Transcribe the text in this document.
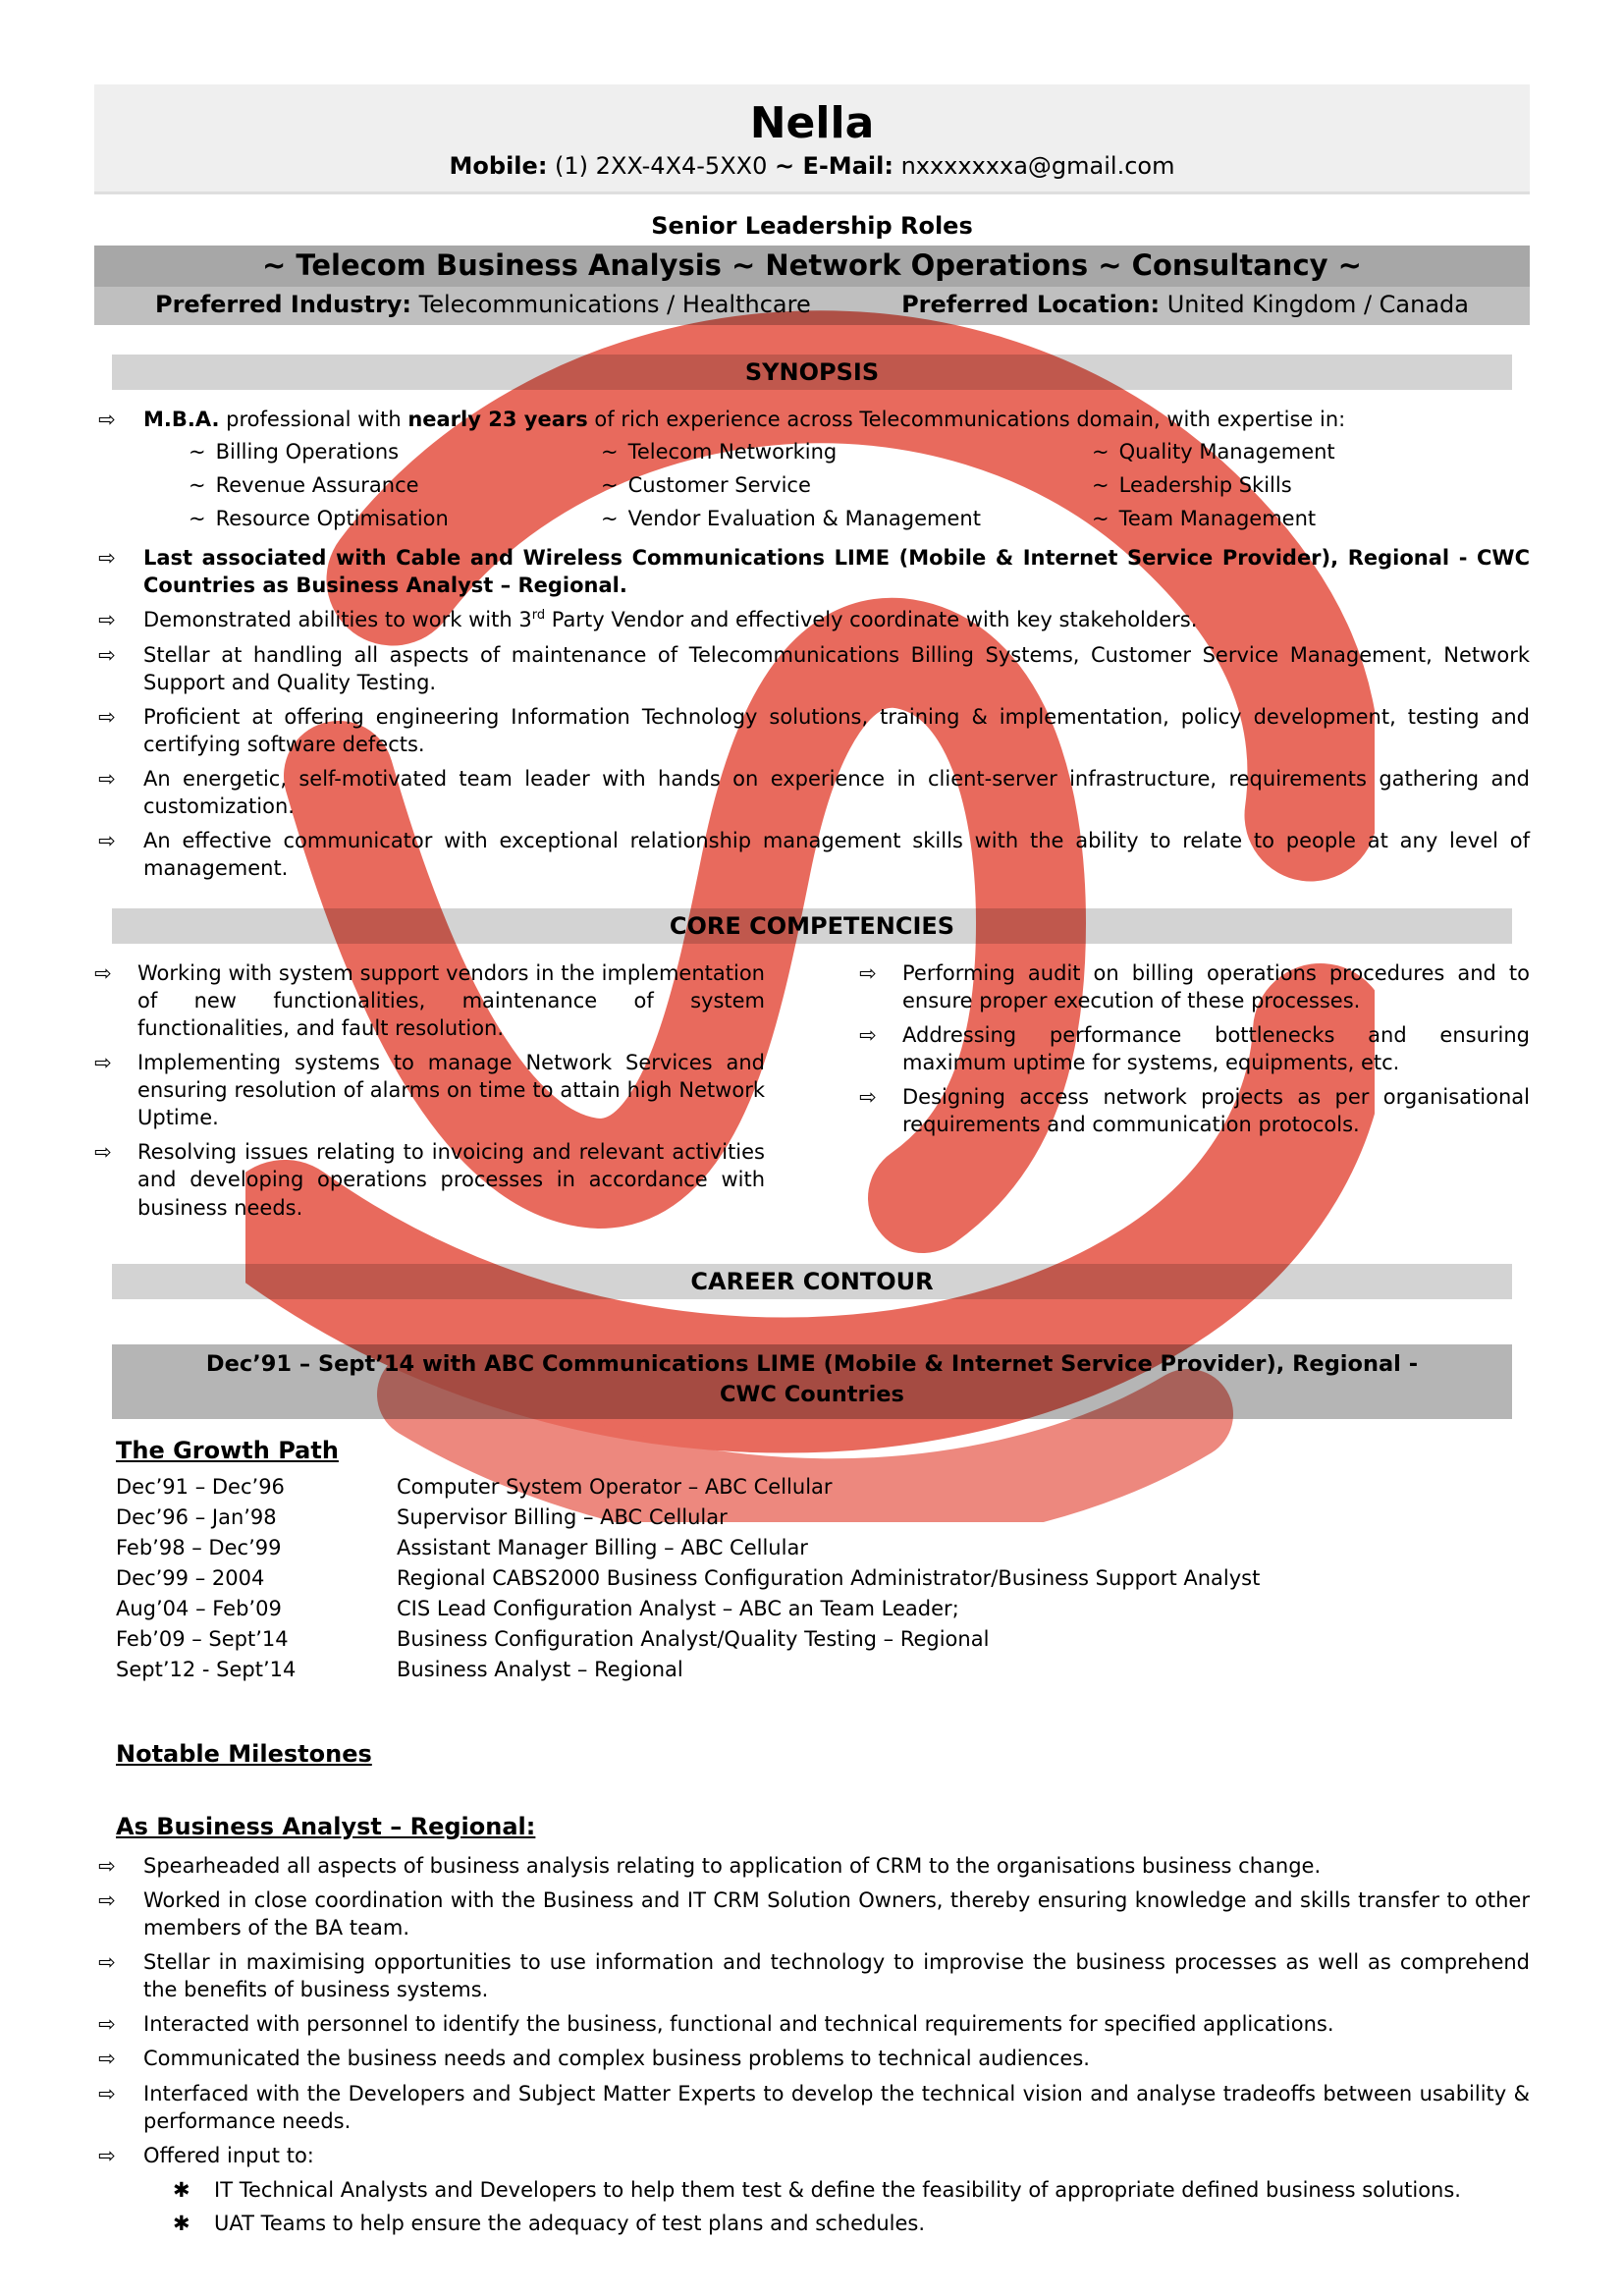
Nella
Mobile: (1) 2XX-4X4-5XX0 ~ E-Mail: nxxxxxxxa@gmail.com
Senior Leadership Roles
~ Telecom Business Analysis ~ Network Operations ~ Consultancy ~
Preferred Industry: Telecommunications / Healthcare	Preferred Location: United Kingdom / Canada
SYNOPSIS
⇨	M.B.A. professional with nearly 23 years of rich experience across Telecommunications domain, with expertise in:
~ Billing Operations	~ Telecom Networking	~ Quality Management
~ Revenue Assurance	~ Customer Service	~ Leadership Skills
~ Resource Optimisation	~ Vendor Evaluation & Management	~ Team Management
⇨	Last associated with Cable and Wireless Communications LIME (Mobile & Internet Service Provider), Regional - CWC Countries as Business Analyst – Regional.
⇨	Demonstrated abilities to work with 3rd Party Vendor and effectively coordinate with key stakeholders.
⇨	Stellar at handling all aspects of maintenance of Telecommunications Billing Systems, Customer Service Management, Network Support and Quality Testing.
⇨	Proficient at offering engineering Information Technology solutions, training & implementation, policy development, testing and certifying software defects.
⇨	An energetic, self-motivated team leader with hands on experience in client-server infrastructure, requirements gathering and customization.
⇨	An effective communicator with exceptional relationship management skills with the ability to relate to people at any level of management.
CORE COMPETENCIES
⇨	Working with system support vendors in the implementation of new functionalities, maintenance of system functionalities, and fault resolution.
⇨	Implementing systems to manage Network Services and ensuring resolution of alarms on time to attain high Network Uptime.
⇨	Resolving issues relating to invoicing and relevant activities and developing operations processes in accordance with business needs.
⇨	Performing audit on billing operations procedures and to ensure proper execution of these processes.
⇨	Addressing performance bottlenecks and ensuring maximum uptime for systems, equipments, etc.
⇨	Designing access network projects as per organisational requirements and communication protocols.
CAREER CONTOUR
Dec’91 – Sept’14 with ABC Communications LIME (Mobile & Internet Service Provider), Regional - CWC Countries
The Growth Path
Dec’91 – Dec’96	Computer System Operator – ABC Cellular
Dec’96 – Jan’98	Supervisor Billing – ABC Cellular
Feb’98 – Dec’99	Assistant Manager Billing – ABC Cellular
Dec’99 – 2004	Regional CABS2000 Business Configuration Administrator/Business Support Analyst
Aug’04 – Feb’09	CIS Lead Configuration Analyst – ABC an Team Leader;
Feb’09 – Sept’14	Business Configuration Analyst/Quality Testing – Regional
Sept’12 - Sept’14	Business Analyst – Regional
Notable Milestones
As Business Analyst – Regional:
⇨	Spearheaded all aspects of business analysis relating to application of CRM to the organisations business change.
⇨	Worked in close coordination with the Business and IT CRM Solution Owners, thereby ensuring knowledge and skills transfer to other members of the BA team.
⇨	Stellar in maximising opportunities to use information and technology to improvise the business processes as well as comprehend the benefits of business systems.
⇨	Interacted with personnel to identify the business, functional and technical requirements for specified applications.
⇨	Communicated the business needs and complex business problems to technical audiences.
⇨	Interfaced with the Developers and Subject Matter Experts to develop the technical vision and analyse tradeoffs between usability & performance needs.
⇨	Offered input to:
✱	IT Technical Analysts and Developers to help them test & define the feasibility of appropriate defined business solutions.
✱	UAT Teams to help ensure the adequacy of test plans and schedules.
